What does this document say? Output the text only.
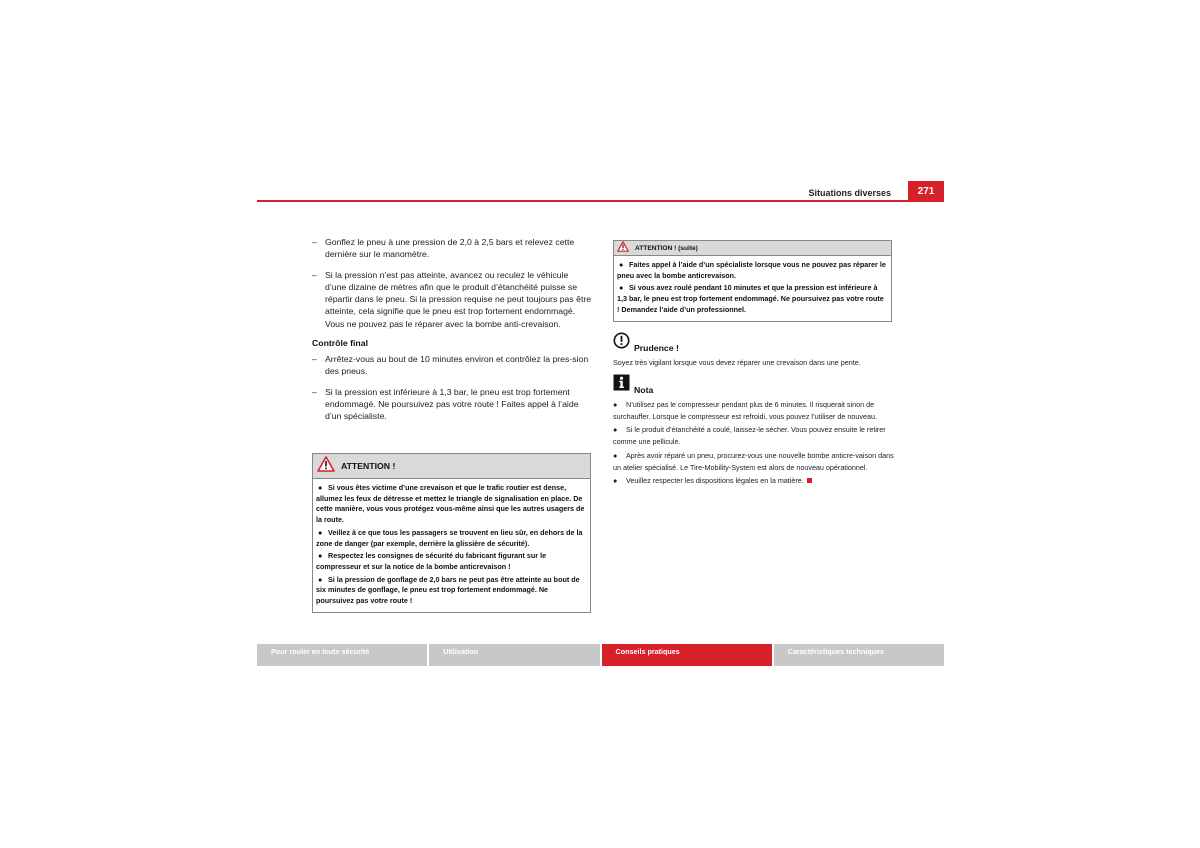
Situations diverses	271
– Gonflez le pneu à une pression de 2,0 à 2,5 bars et relevez cette dernière sur le manomètre.
– Si la pression n’est pas atteinte, avancez ou reculez le véhicule d’une dizaine de mètres afin que le produit d’étanchéité puisse se répartir dans le pneu. Si la pression requise ne peut toujours pas être atteinte, cela signifie que le pneu est trop fortement endommagé. Vous ne pouvez pas le réparer avec la bombe anti-crevaison.
Contrôle final
– Arrêtez-vous au bout de 10 minutes environ et contrôlez la pres-sion des pneus.
– Si la pression est inférieure à 1,3 bar, le pneu est trop fortement endommagé. Ne poursuivez pas votre route ! Faites appel à l’aide d’un spécialiste.
ATTENTION !
● Si vous êtes victime d’une crevaison et que le trafic routier est dense, allumez les feux de détresse et mettez le triangle de signalisation en place. De cette manière, vous vous protégez vous-même ainsi que les autres usagers de la route.
● Veillez à ce que tous les passagers se trouvent en lieu sûr, en dehors de la zone de danger (par exemple, derrière la glissière de sécurité).
● Respectez les consignes de sécurité du fabricant figurant sur le compresseur et sur la notice de la bombe anticrevaison !
● Si la pression de gonflage de 2,0 bars ne peut pas être atteinte au bout de six minutes de gonflage, le pneu est trop fortement endommagé. Ne poursuivez pas votre route !
ATTENTION ! (suite)
● Faites appel à l’aide d’un spécialiste lorsque vous ne pouvez pas réparer le pneu avec la bombe anticrevaison.
● Si vous avez roulé pendant 10 minutes et que la pression est inférieure à 1,3 bar, le pneu est trop fortement endommagé. Ne poursuivez pas votre route ! Demandez l’aide d’un professionnel.
Prudence !
Soyez très vigilant lorsque vous devez réparer une crevaison dans une pente.
Nota
● N’utilisez pas le compresseur pendant plus de 6 minutes. Il risquerait sinon de surchauffer. Lorsque le compresseur est refroidi, vous pouvez l’utiliser de nouveau.
● Si le produit d’étanchéité a coulé, laissez-le sécher. Vous pouvez ensuite le retirer comme une pellicule.
● Après avoir réparé un pneu, procurez-vous une nouvelle bombe anticre-vaison dans un atelier spécialisé. Le Tire-Mobility-System est alors de nouveau opérationnel.
● Veuillez respecter les dispositions légales en la matière.
Pour rouler en toute sécurité	Utilisation	Conseils pratiques	Caractéristiques techniques
